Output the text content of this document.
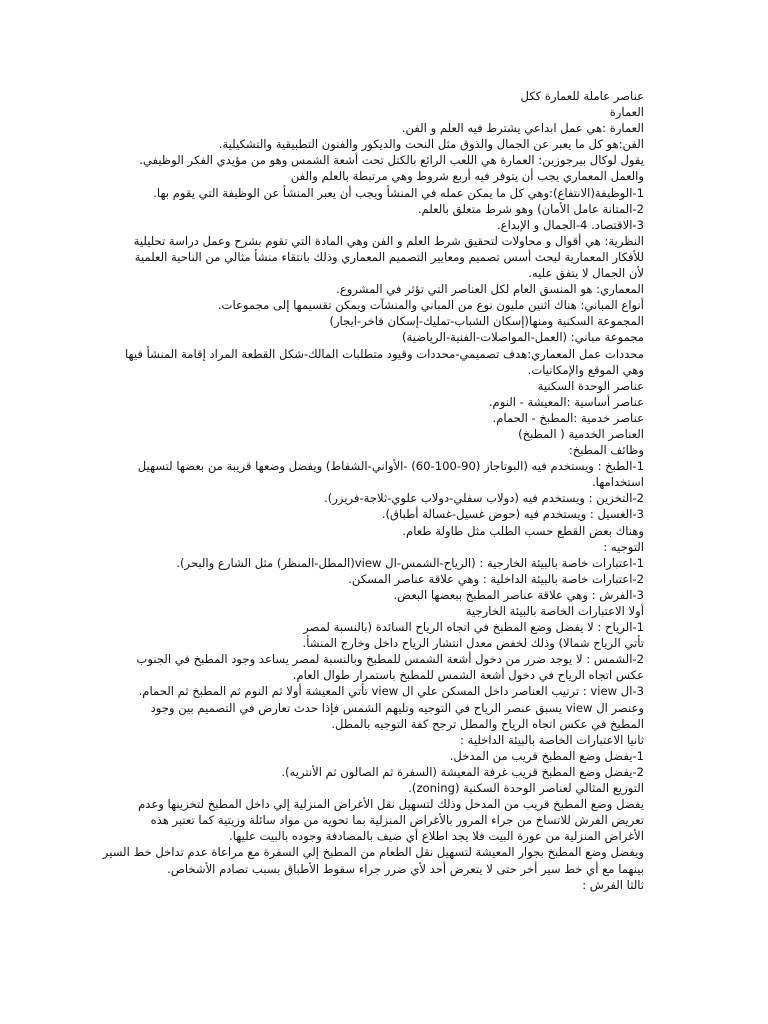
عناصر عاملة للعمارة ككل
العمارة
العمارة :هي عمل ابداعي يشترط فيه العلم و الفن.
الفن:هو كل ما يعبر عن الجمال والذوق مثل النحت والديكور والفنون التطبيقية والتشكيلية.
يقول لوكال بيرجوزين: العمارة هي اللعب الرائع بالكتل تحت أشعة الشمس وهو من مؤيدي الفكر الوظيفي.
والعمل المعماري يجب أن يتوفر فيه أربع شروط وهي مرتبطة بالعلم والفن
1-الوظيفة(الانتفاع):وهي كل ما يمكن عمله في المنشأ ويجب أن يعبر المنشأ عن الوظيفة التي يقوم بها.
2-المتانة عامل الأمان) وهو شرط متعلق بالعلم.
3-الاقتصاد. 4-الجمال و الإبداع.
النظرية: هي أقوال و محاولات لتحقيق شرط العلم و الفن وهي المادة التي تقوم بشرح وعمل دراسة تحليلية
للأفكار المعمارية لبحث أسس تصميم ومعايير التصميم المعماري وذلك بانتقاء منشأ مثالي من الناحية العلمية
لأن الجمال لا يتفق عليه.
المعماري: هو المنسق العام لكل العناصر التي تؤثر في المشروع.
أنواع المباني: هناك اثنين مليون نوع من المباني والمنشآت ويمكن تقسيمها إلى مجموعات.
المجموعة السكنية ومنها(إسكان الشباب-تمليك-إسكان فاخر-ايجار)
مجموعة مباني: (العمل-المواصلات-الفنية-الرياضية)
محددات عمل المعماري:هدف تصميمي-محددات وقيود متطلبات المالك-شكل القطعة المراد إقامة المنشأ فيها
وهي الموقع والإمكانيات.
عناصر الوحدة السكنية
عناصر أساسية :المعيشة - النوم.
عناصر خدمية :المطبخ - الحمام.
العناصر الخدمية ( المطبخ)
وظائف المطبخ:
1-الطبخ : ويستخدم فيه (البوتاجاز (90-100-60) -الأواني-الشفاط) ويفضل وضعها قريبة من بعضها لتسهيل
استخدامها.
2-التخزين : ويستخدم فيه (دولاب سفلي-دولاب علوي-ثلاجة-فريزر).
3-الغسيل : ويستخدم فيه (حوض غسيل-غسالة أطباق).
وهناك بعض القطع حسب الطلب مثل طاولة طعام.
التوجيه :
1-اعتبارات خاصة بالبيئة الخارجية : (الرياح-الشمس-ال view(المطل-المنظر) مثل الشارع والبحر).
2-اعتبارات خاصة بالبيئة الداخلية : وهي علاقة عناصر المسكن.
3-الفرش : وهي علاقة عناصر المطبخ ببعضها البعض.
أولا الاعتبارات الخاصة بالبيئة الخارجية
1-الرياح : لا يفضل وضع المطبخ في اتجاه الرياح السائدة (بالنسبة لمصر
تأتي الرياح شمالا) وذلك لخفض معدل انتشار الرياح داخل وخارج المنشأ.
2-الشمس : لا يوجد ضرر من دخول أشعة الشمس للمطبخ وبالنسبة لمصر يساعد وجود المطبخ في الجنوب
عكس اتجاه الرياح في دخول أشعة الشمس للمطبخ باستمرار طوال العام.
3-ال view : ترتيب العناصر داخل المسكن علي ال view تأتي المعيشة أولا ثم النوم ثم المطبخ ثم الحمام.
وعنصر ال view يسبق عنصر الرياح في التوجيه وتليهم الشمس فإذا حدث تعارض في التصميم بين وجود
المطبخ في عكس اتجاه الرياح والمطل ترجح كفة التوجيه بالمطل.
ثانيا الاعتبارات الخاصة بالبيئة الداخلية :
1-يفضل وضع المطبخ قريب من المدخل.
2-يفضل وضع المطبخ قريب غرفة المعيشة (السفرة ثم الصالون ثم الأنتريه).
التوزيع المثالي لعناصر الوحدة السكنية (zoning).
يفضل وضع المطبخ قريب من المدخل وذلك لتسهيل نقل الأغراض المنزلية إلي داخل المطبخ لتخزينها وعدم
تعريض الفرش للاتساخ من جراء المرور بالأغراض المنزلية بما تحويه من مواد سائلة وزيتية كما تعتبر هذه
الأغراض المنزلية من عورة البيت فلا يجد اطلاع أي ضيف بالمصادفة وجوده بالبيت عليها.
ويفضل وضع المطبخ بجوار المعيشة لتسهيل نقل الطعام من المطبخ إلي السفرة مع مراعاة عدم تداخل خط السير
بينهما مع أي خط سير أخر حتى لا يتعرض أحد لأي ضرر جراء سقوط الأطباق بسبب تصادم الأشخاص.
ثالثا الفرش :
